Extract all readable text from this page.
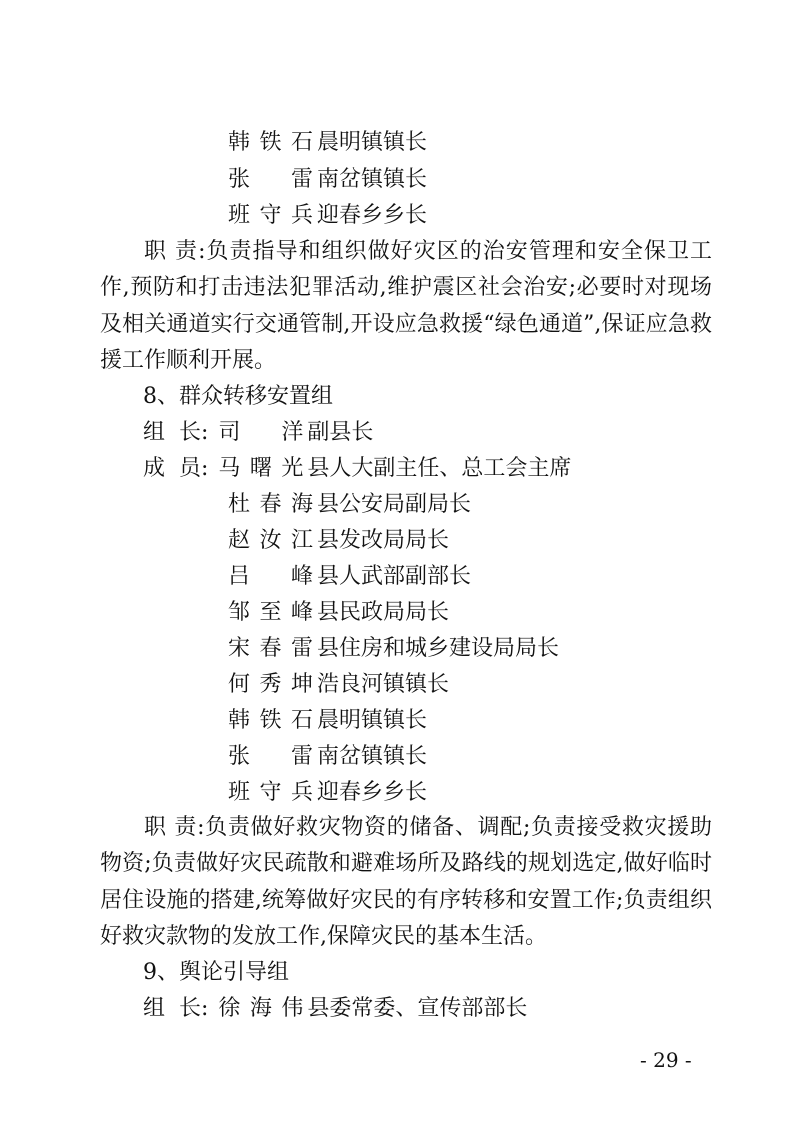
韩铁石 晨明镇镇长
张雷 南岔镇镇长
班守兵 迎春乡乡长
职 责:负责指导和组织做好灾区的治安管理和安全保卫工作,预防和打击违法犯罪活动,维护震区社会治安;必要时对现场及相关通道实行交通管制,开设应急救援“绿色通道”,保证应急救援工作顺利开展。
8、群众转移安置组
组长: 司洋 副县长
成员: 马曙光 县人大副主任、总工会主席
杜春海 县公安局副局长
赵汝江 县发改局局长
吕峰 县人武部副部长
邹至峰 县民政局局长
宋春雷 县住房和城乡建设局局长
何秀坤 浩良河镇镇长
韩铁石 晨明镇镇长
张雷 南岔镇镇长
班守兵 迎春乡乡长
职 责:负责做好救灾物资的储备、调配;负责接受救灾援助物资;负责做好灾民疏散和避难场所及路线的规划选定,做好临时居住设施的搭建,统筹做好灾民的有序转移和安置工作;负责组织好救灾款物的发放工作,保障灾民的基本生活。
9、舆论引导组
组长: 徐海伟 县委常委、宣传部部长
- 29 -
